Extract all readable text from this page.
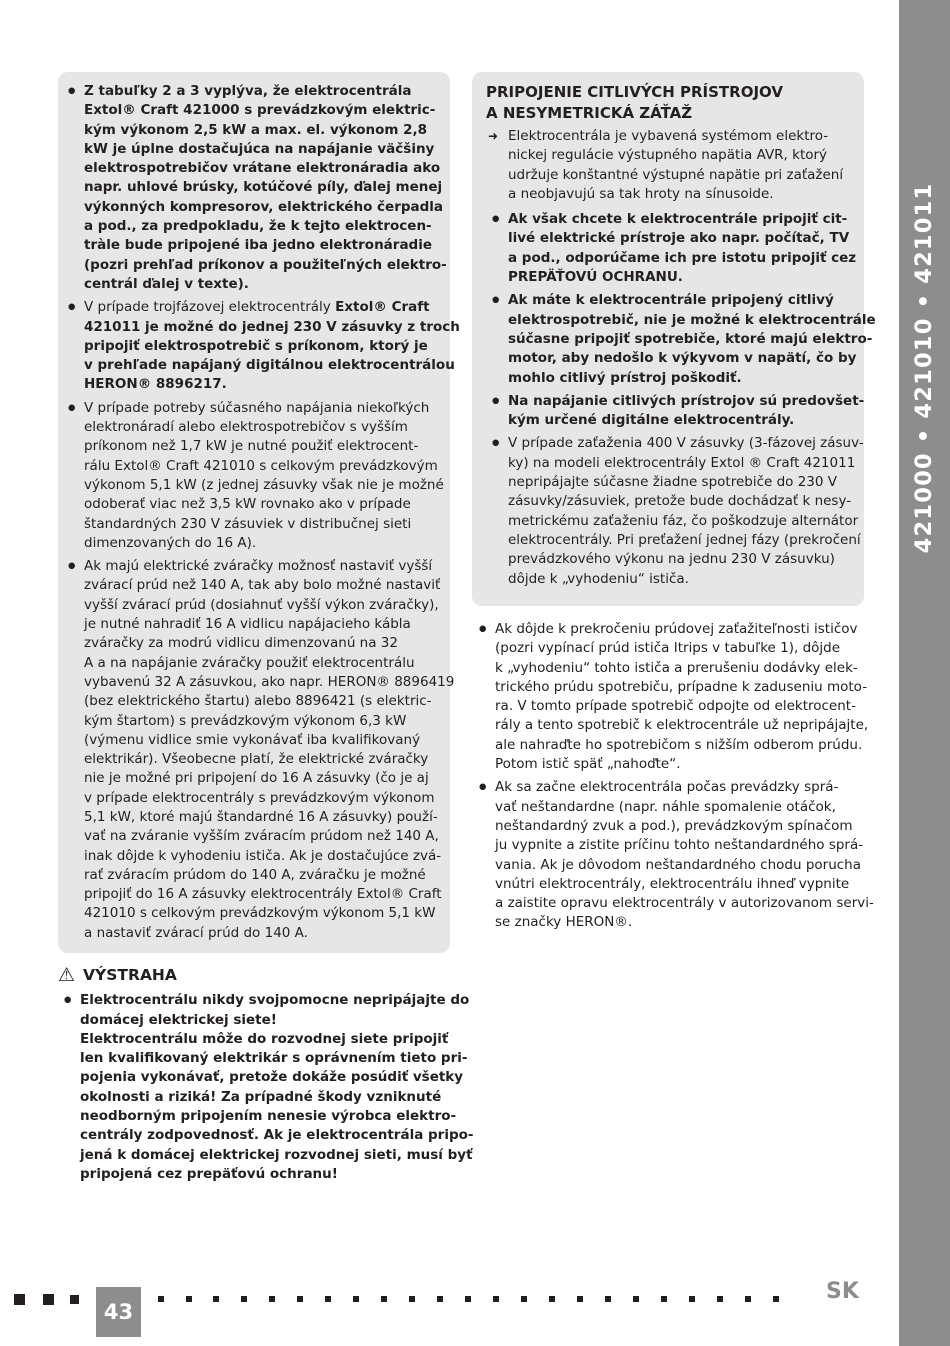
421000 • 421010 • 421011

● Z tabuľky 2 a 3 vyplýva, že elektrocentrála

Extol® Craft 421000 s prevádzkovým elektric-

kým výkonom 2,5 kW a max. el. výkonom 2,8

kW je úplne dostačujúca na napájanie väčšiny

elektrospotrebičov vrátane elektronáradia ako

napr. uhlové brúsky, kotúčové píly, ďalej menej

výkonných kompresorov, elektrického čerpadla

a pod., za predpokladu, že k tejto elektrocen-

tràle bude pripojené iba jedno elektronáradie

(pozri prehľad príkonov a použiteľných elektro-

centrál ďalej v texte).

● V prípade trojfázovej elektrocentrály Extol® Craft

421011 je možné do jednej 230 V zásuvky z troch

pripojiť elektrospotrebič s príkonom, ktorý je

v prehľade napájaný digitálnou elektrocentrálou

HERON® 8896217.

● V prípade potreby súčasného napájania niekoľkých

elektronáradí alebo elektrospotrebičov s vyšším

príkonom než 1,7 kW je nutné použiť elektrocent-

rálu Extol® Craft 421010 s celkovým prevádzkovým

výkonom 5,1 kW (z jednej zásuvky však nie je možné

odoberať viac než 3,5 kW rovnako ako v prípade

štandardných 230 V zásuviek v distribučnej sieti

dimenzovaných do 16 A).

● Ak majú elektrické zváračky možnosť nastaviť vyšší

zvárací prúd než 140 A, tak aby bolo možné nastaviť

vyšší zvárací prúd (dosiahnuť vyšší výkon zváračky),

je nutné nahradiť 16 A vidlicu napájacieho kábla

zváračky za modrú vidlicu dimenzovanú na 32

A a na napájanie zváračky použiť elektrocentrálu

vybavenú 32 A zásuvkou, ako napr. HERON® 8896419

(bez elektrického štartu) alebo 8896421 (s elektric-

kým štartom) s prevádzkovým výkonom 6,3 kW

(výmenu vidlice smie vykonávať iba kvalifikovaný

elektrikár). Všeobecne platí, že elektrické zváračky

nie je možné pri pripojení do 16 A zásuvky (čo je aj

v prípade elektrocentrály s prevádzkovým výkonom

5,1 kW, ktoré majú štandardné 16 A zásuvky) použí-

vať na zváranie vyšším zváracím prúdom než 140 A,

inak dôjde k vyhodeniu ističa. Ak je dostačujúce zvá-

rať zváracím prúdom do 140 A, zváračku je možné

pripojiť do 16 A zásuvky elektrocentrály Extol® Craft

421010 s celkovým prevádzkovým výkonom 5,1 kW

a nastaviť zvárací prúd do 140 A.

PRIPOJENIE CITLIVÝCH PRÍSTROJOV
A NESYMETRICKÁ ZÁŤAŽ
➜ Elektrocentrála je vybavená systémom elektro-

nickej regulácie výstupného napätia AVR, ktorý

udržuje konštantné výstupné napätie pri zaťažení

a neobjavujú sa tak hroty na sínusoide.

● Ak však chcete k elektrocentrále pripojiť cit-

livé elektrické prístroje ako napr. počítač, TV

a pod., odporúčame ich pre istotu pripojiť cez

PREPÄŤOVÚ OCHRANU.

● Ak máte k elektrocentrále pripojený citlivý

elektrospotrebič, nie je možné k elektrocentrále

súčasne pripojiť spotrebiče, ktoré majú elektro-

motor, aby nedošlo k výkyvom v napätí, čo by

mohlo citlivý prístroj poškodiť.

● Na napájanie citlivých prístrojov sú predovšet-

kým určené digitálne elektrocentrály.

● V prípade zaťaženia 400 V zásuvky (3-fázovej zásuv-

ky) na modeli elektrocentrály Extol ® Craft 421011

nepripájajte súčasne žiadne spotrebiče do 230 V

zásuvky/zásuviek, pretože bude dochádzať k nesy-

metrickému zaťaženiu fáz, čo poškodzuje alternátor

elektrocentrály. Pri preťažení jednej fázy (prekročení

prevádzkového výkonu na jednu 230 V zásuvku)

dôjde k „vyhodeniu“ ističa.

● Ak dôjde k prekročeniu prúdovej zaťažiteľnosti ističov

(pozri vypínací prúd ističa Itrips v tabuľke 1), dôjde

k „vyhodeniu“ tohto ističa a prerušeniu dodávky elek-

trického prúdu spotrebiču, prípadne k zaduseniu moto-

ra. V tomto prípade spotrebič odpojte od elektrocent-

rály a tento spotrebič k elektrocentrále už nepripájajte,

ale nahraďte ho spotrebičom s nižším odberom prúdu.

Potom istič späť „nahoďte“.

● Ak sa začne elektrocentrála počas prevádzky sprá-

vať neštandardne (napr. náhle spomalenie otáčok,

neštandardný zvuk a pod.), prevádzkovým spínačom

ju vypnite a zistite príčinu tohto neštandardného sprá-

vania. Ak je dôvodom neštandardného chodu porucha

vnútri elektrocentrály, elektrocentrálu ihneď vypnite

a zaistite opravu elektrocentrály v autorizovanom servi-

se značky HERON®.

⚠ VÝSTRAHA

● Elektrocentrálu nikdy svojpomocne nepripájajte do

domácej elektrickej siete!

Elektrocentrálu môže do rozvodnej siete pripojiť

len kvalifikovaný elektrikár s oprávnením tieto pri-

pojenia vykonávať, pretože dokáže posúdiť všetky

okolnosti a riziká! Za prípadné škody vzniknuté

neodborným pripojením nenesie výrobca elektro-

centrály zodpovednosť. Ak je elektrocentrála pripo-

jená k domácej elektrickej rozvodnej sieti, musí byť

pripojená cez prepäťovú ochranu!

43
SK
